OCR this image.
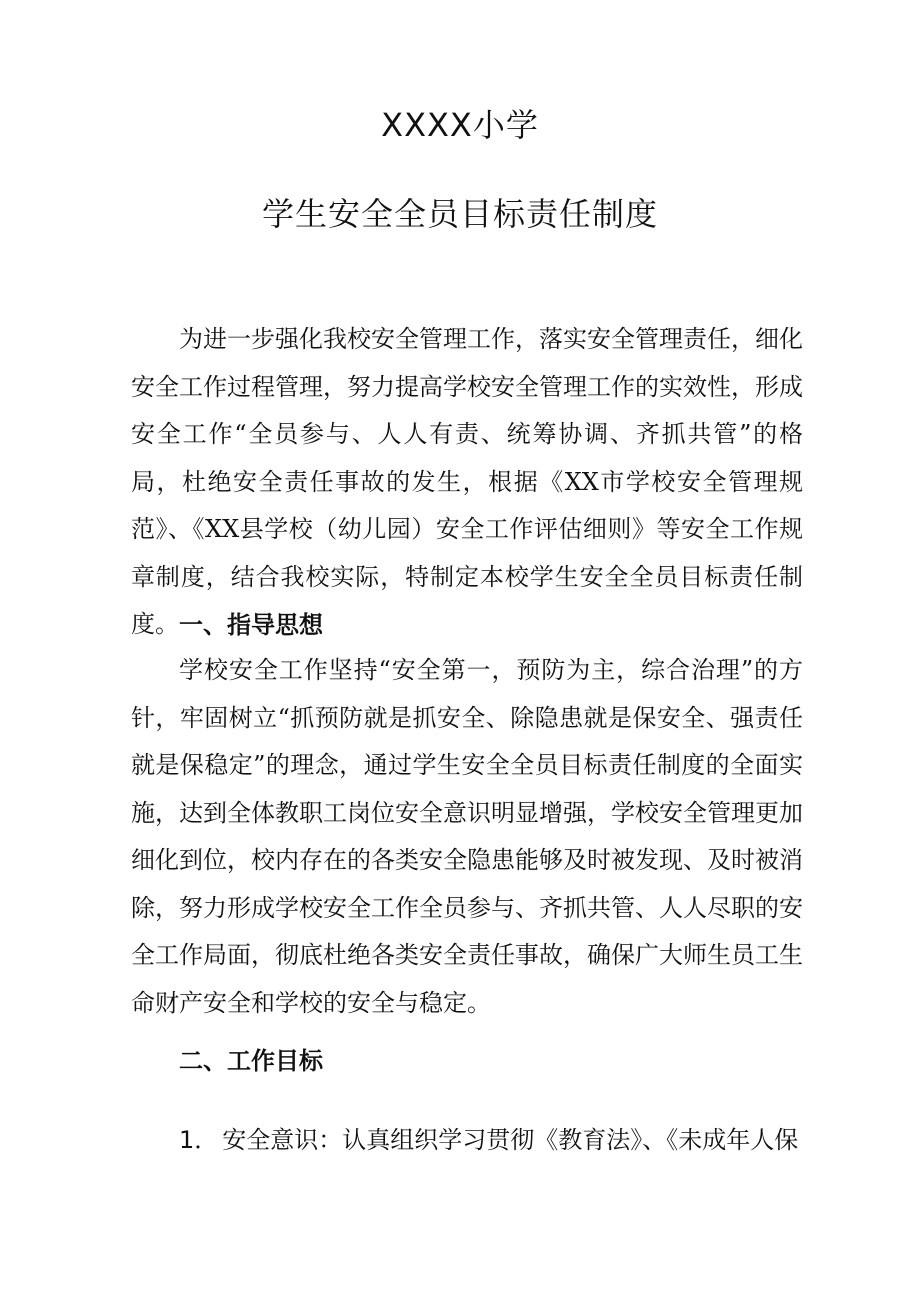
XXXX小学
学生安全全员目标责任制度

为进一步强化我校安全管理工作，落实安全管理责任，细化安全工作过程管理，努力提高学校安全管理工作的实效性，形成安全工作“全员参与、人人有责、统筹协调、齐抓共管”的格局，杜绝安全责任事故的发生，根据《XX市学校安全管理规范》、《XX县学校（幼儿园）安全工作评估细则》等安全工作规章制度，结合我校实际，特制定本校学生安全全员目标责任制度。 一、指导思想

学校安全工作坚持“安全第一，预防为主，综合治理”的方针，牢固树立“抓预防就是抓安全、除隐患就是保安全、强责任就是保稳定”的理念，通过学生安全全员目标责任制度的全面实施，达到全体教职工岗位安全意识明显增强，学校安全管理更加细化到位，校内存在的各类安全隐患能够及时被发现、及时被消除，努力形成学校安全工作全员参与、齐抓共管、人人尽职的安全工作局面，彻底杜绝各类安全责任事故，确保广大师生员工生命财产安全和学校的安全与稳定。

二、工作目标

1． 安全意识：认真组织学习贯彻《教育法》、《未成年人保
